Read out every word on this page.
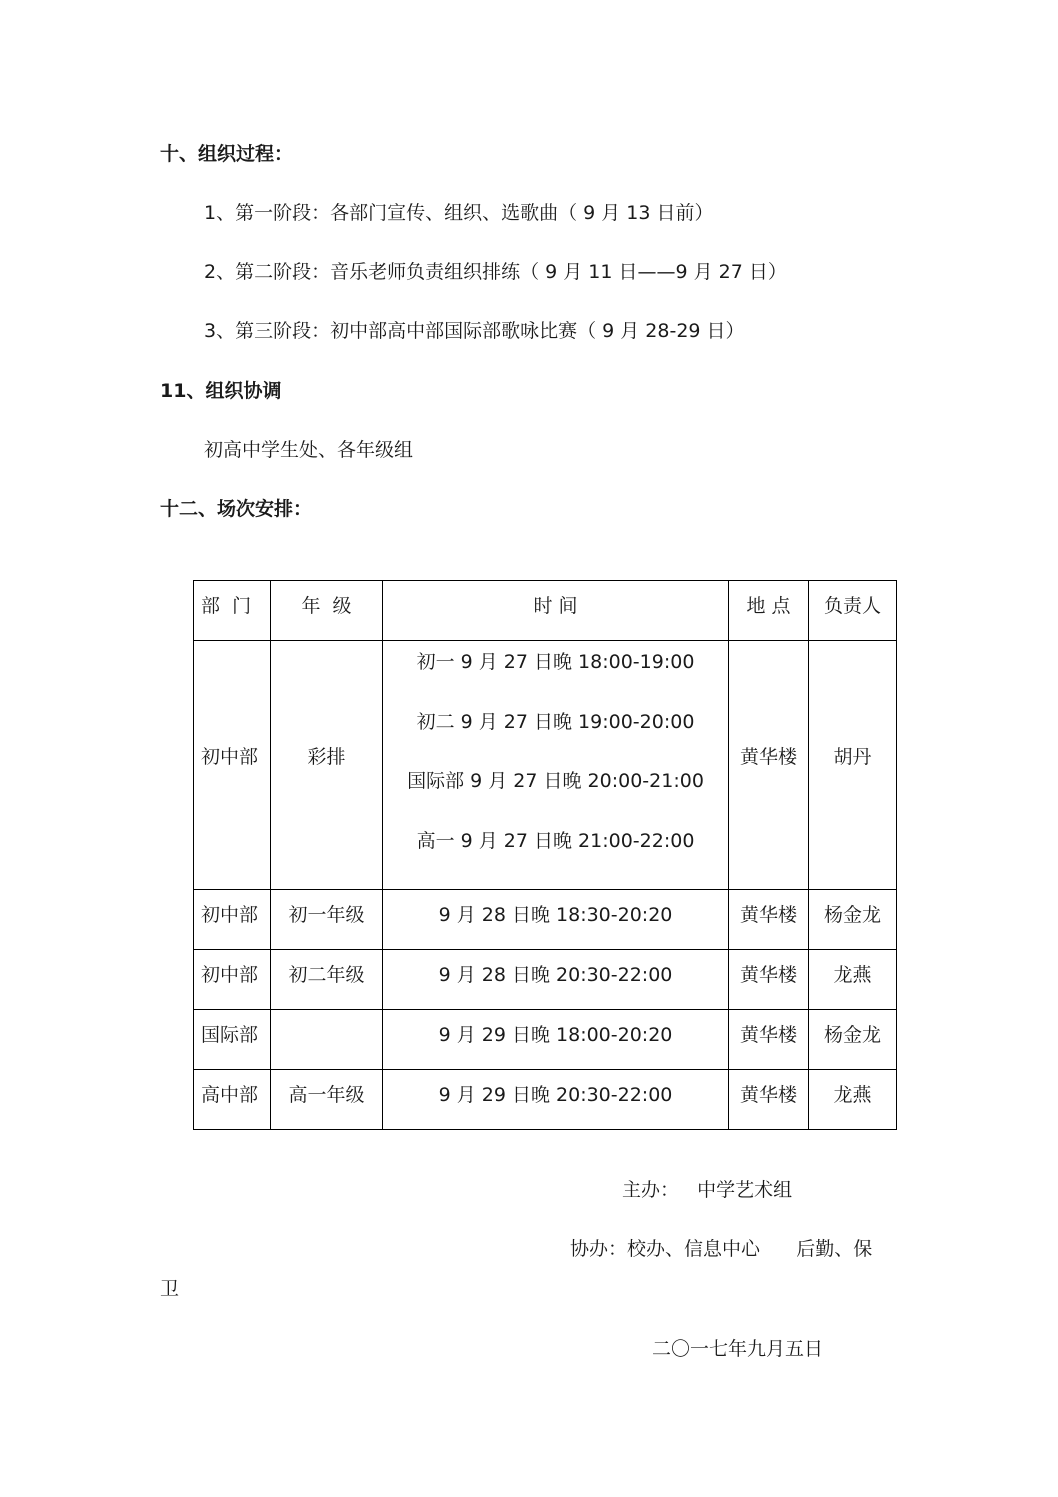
十、组织过程：
1、第一阶段：各部门宣传、组织、选歌曲（ 9 月 13 日前）
2、第二阶段：音乐老师负责组织排练（ 9 月 11 日——9 月 27 日）
3、第三阶段：初中部高中部国际部歌咏比赛（ 9 月 28-29 日）
11、组织协调
初高中学生处、各年级组
十二、场次安排：
部  门	年  级	时 间	地 点	负责人

初中部	彩排	初一 9 月 27 日晚 18:00-19:00
初二 9 月 27 日晚 19:00-20:00
国际部 9 月 27 日晚 20:00-21:00
高一 9 月 27 日晚 21:00-22:00	黄华楼	胡丹

初中部	初一年级	9 月 28 日晚 18:30-20:20	黄华楼	杨金龙

初中部	初二年级	9 月 28 日晚 20:30-22:00	黄华楼	龙燕

国际部		9 月 29 日晚 18:00-20:20	黄华楼	杨金龙

高中部	高一年级	9 月 29 日晚 20:30-22:00	黄华楼	龙燕
主办：   中学艺术组
协办：校办、信息中心      后勤、保
卫
二〇一七年九月五日
